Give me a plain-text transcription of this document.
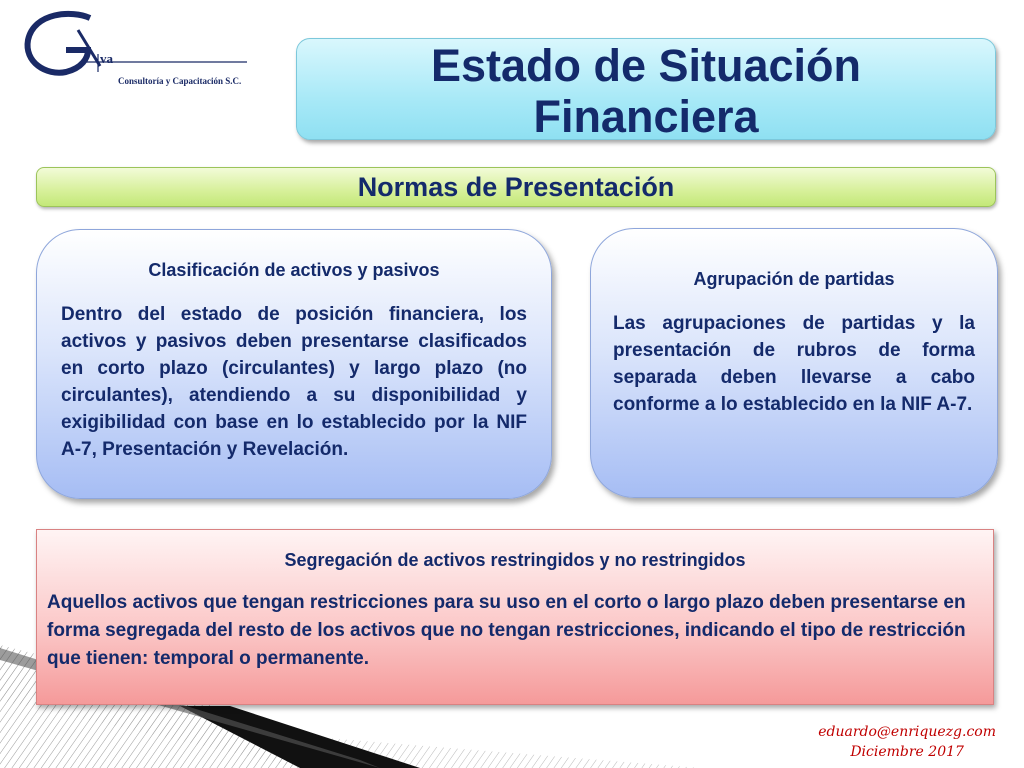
va
Consultoría y Capacitación S.C.	Estado de Situación
Financiera
Normas de Presentación

Clasificación de activos y pasivos

Dentro del estado de posición financiera, los activos y pasivos deben presentarse clasificados en corto plazo (circulantes) y largo plazo (no circulantes), atendiendo a su disponibilidad y exigibilidad con base en lo establecido por la NIF A-7, Presentación y Revelación.

Agrupación de partidas

Las agrupaciones de partidas y la presentación de rubros de forma separada deben llevarse a cabo conforme a lo establecido en la NIF A-7.

Segregación de activos restringidos y no restringidos

Aquellos activos que tengan restricciones para su uso en el corto o largo plazo deben presentarse en forma segregada del resto de los activos que no tengan restricciones, indicando el tipo de restricción que tienen: temporal o permanente.

eduardo@enriquezg.com
Diciembre 2017
